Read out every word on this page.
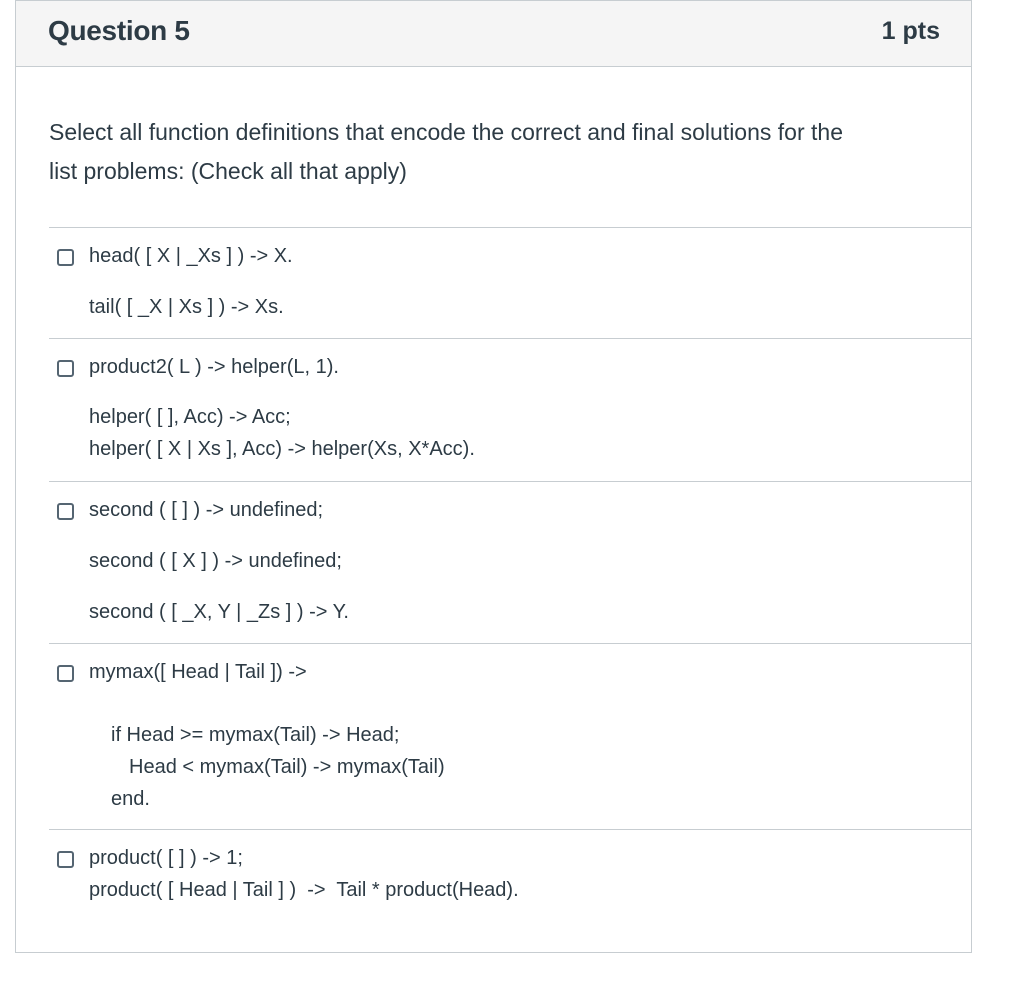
Question 5	1 pts
Select all function definitions that encode the correct and final solutions for the
list problems: (Check all that apply)
head( [ X | _Xs ] ) -> X.
tail( [ _X | Xs ] ) -> Xs.
product2( L ) -> helper(L, 1).
helper( [ ], Acc) -> Acc;
helper( [ X | Xs ], Acc) -> helper(Xs, X*Acc).
second ( [ ] ) -> undefined;
second ( [ X ] ) -> undefined;
second ( [ _X, Y | _Zs ] ) -> Y.
mymax([ Head | Tail ]) ->
if Head >= mymax(Tail) -> Head;
Head < mymax(Tail) -> mymax(Tail)
end.
product( [ ] ) -> 1;
product( [ Head | Tail ] )  ->  Tail * product(Head).
